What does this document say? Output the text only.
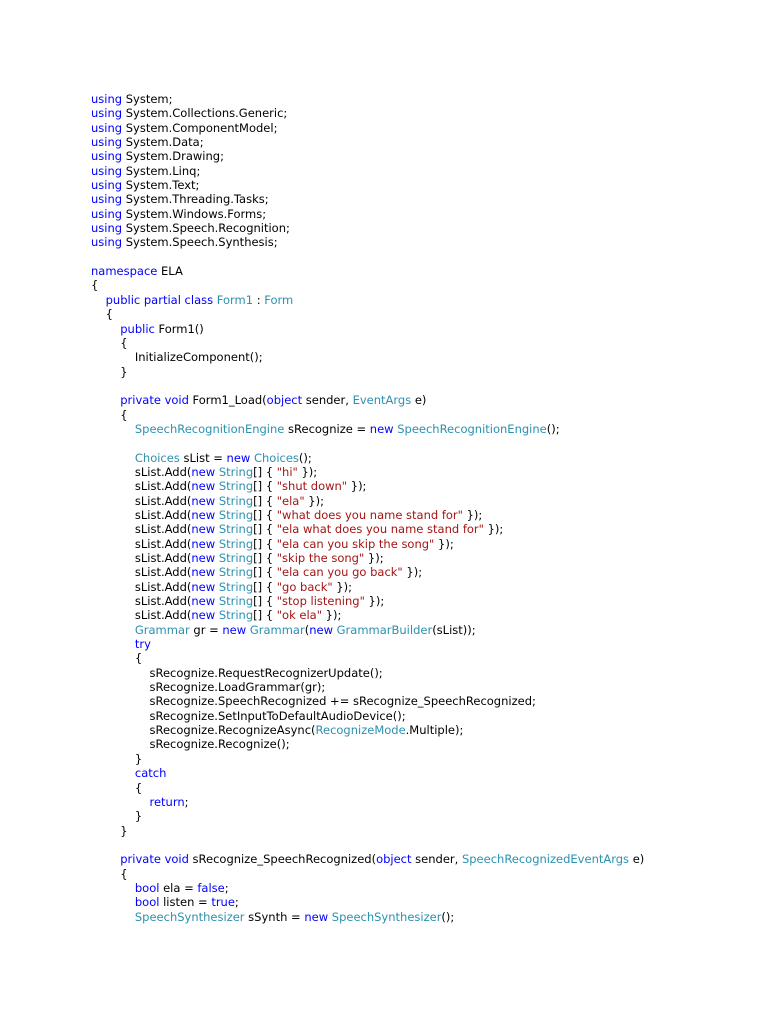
using System;
using System.Collections.Generic;
using System.ComponentModel;
using System.Data;
using System.Drawing;
using System.Linq;
using System.Text;
using System.Threading.Tasks;
using System.Windows.Forms;
using System.Speech.Recognition;
using System.Speech.Synthesis;
namespace ELA
{
public partial class Form1 : Form
{
public Form1()
{
InitializeComponent();
}
private void Form1_Load(object sender, EventArgs e)
{
SpeechRecognitionEngine sRecognize = new SpeechRecognitionEngine();
Choices sList = new Choices();
sList.Add(new String[] { "hi" });
sList.Add(new String[] { "shut down" });
sList.Add(new String[] { "ela" });
sList.Add(new String[] { "what does you name stand for" });
sList.Add(new String[] { "ela what does you name stand for" });
sList.Add(new String[] { "ela can you skip the song" });
sList.Add(new String[] { "skip the song" });
sList.Add(new String[] { "ela can you go back" });
sList.Add(new String[] { "go back" });
sList.Add(new String[] { "stop listening" });
sList.Add(new String[] { "ok ela" });
Grammar gr = new Grammar(new GrammarBuilder(sList));
try
{
sRecognize.RequestRecognizerUpdate();
sRecognize.LoadGrammar(gr);
sRecognize.SpeechRecognized += sRecognize_SpeechRecognized;
sRecognize.SetInputToDefaultAudioDevice();
sRecognize.RecognizeAsync(RecognizeMode.Multiple);
sRecognize.Recognize();
}
catch
{
return;
}
}
private void sRecognize_SpeechRecognized(object sender, SpeechRecognizedEventArgs e)
{
bool ela = false;
bool listen = true;
SpeechSynthesizer sSynth = new SpeechSynthesizer();
